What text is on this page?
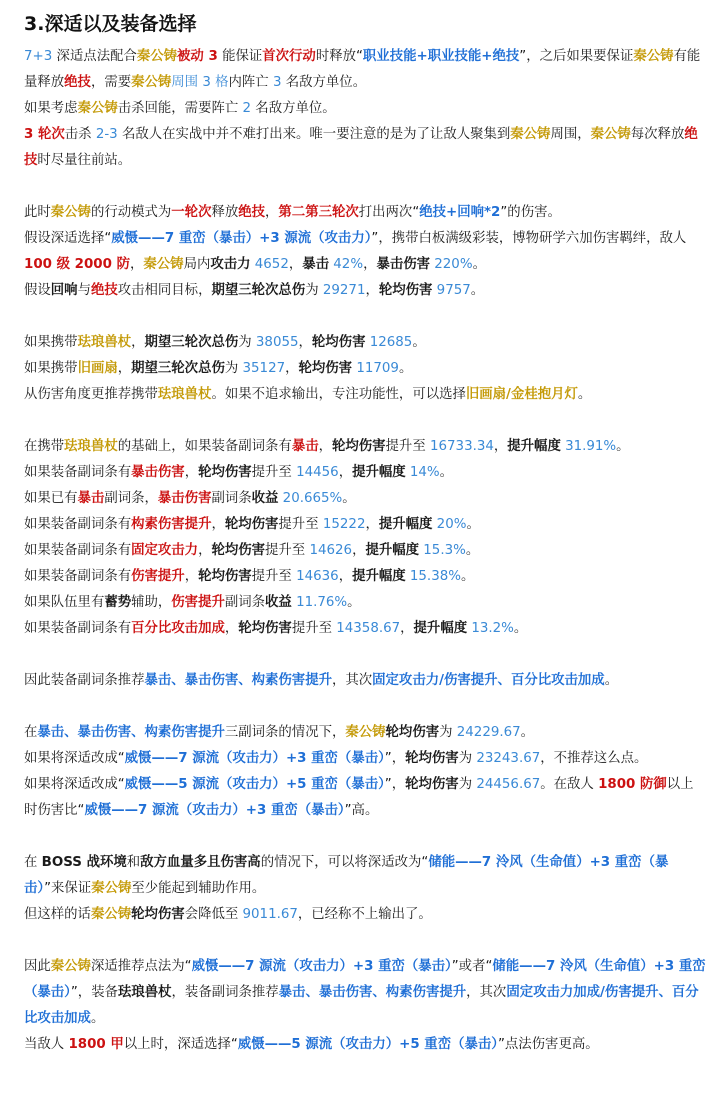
3.深适以及装备选择
7+3 深适点法配合秦公铸被动 3 能保证首次行动时释放“职业技能+职业技能+绝技”，之后如果要保证秦公铸有能量释放绝技，需要秦公铸周围 3 格内阵亡 3 名敌方单位。
如果考虑秦公铸击杀回能，需要阵亡 2 名敌方单位。
3 轮次击杀 2-3 名敌人在实战中并不难打出来。唯一要注意的是为了让敌人聚集到秦公铸周围，秦公铸每次释放绝技时尽量往前站。
此时秦公铸的行动模式为一轮次释放绝技，第二第三轮次打出两次“绝技+回响*2”的伤害。
假设深适选择“威慑——7 重峦（暴击）+3 源流（攻击力）”，携带白板满级彩装，博物研学六加伤害羁绊，敌人 100 级 2000 防，秦公铸局内攻击力 4652，暴击 42%，暴击伤害 220%。
假设回响与绝技攻击相同目标，期望三轮次总伤为 29271，轮均伤害 9757。
如果携带珐琅兽杖，期望三轮次总伤为 38055，轮均伤害 12685。
如果携带旧画扇，期望三轮次总伤为 35127，轮均伤害 11709。
从伤害角度更推荐携带珐琅兽杖。如果不追求输出，专注功能性，可以选择旧画扇/金桂抱月灯。
在携带珐琅兽杖的基础上，如果装备副词条有暴击，轮均伤害提升至 16733.34，提升幅度 31.91%。
如果装备副词条有暴击伤害，轮均伤害提升至 14456，提升幅度 14%。
如果已有暴击副词条，暴击伤害副词条收益 20.665%。
如果装备副词条有构素伤害提升，轮均伤害提升至 15222，提升幅度 20%。
如果装备副词条有固定攻击力，轮均伤害提升至 14626，提升幅度 15.3%。
如果装备副词条有伤害提升，轮均伤害提升至 14636，提升幅度 15.38%。
如果队伍里有蓄势辅助，伤害提升副词条收益 11.76%。
如果装备副词条有百分比攻击加成，轮均伤害提升至 14358.67，提升幅度 13.2%。
因此装备副词条推荐暴击、暴击伤害、构素伤害提升，其次固定攻击力/伤害提升、百分比攻击加成。
在暴击、暴击伤害、构素伤害提升三副词条的情况下，秦公铸轮均伤害为 24229.67。
如果将深适改成“威慑——7 源流（攻击力）+3 重峦（暴击）”，轮均伤害为 23243.67，不推荐这么点。
如果将深适改成“威慑——5 源流（攻击力）+5 重峦（暴击）”，轮均伤害为 24456.67。在敌人 1800 防御以上时伤害比“威慑——7 源流（攻击力）+3 重峦（暴击）”高。
在 BOSS 战环境和敌方血量多且伤害高的情况下，可以将深适改为“储能——7 泠风（生命值）+3 重峦（暴击）”来保证秦公铸至少能起到辅助作用。
但这样的话秦公铸轮均伤害会降低至 9011.67，已经称不上输出了。
因此秦公铸深适推荐点法为“威慑——7 源流（攻击力）+3 重峦（暴击）”或者“储能——7 泠风（生命值）+3 重峦（暴击）”，装备珐琅兽杖，装备副词条推荐暴击、暴击伤害、构素伤害提升，其次固定攻击力加成/伤害提升、百分比攻击加成。
当敌人 1800 甲以上时，深适选择“威慑——5 源流（攻击力）+5 重峦（暴击）”点法伤害更高。
